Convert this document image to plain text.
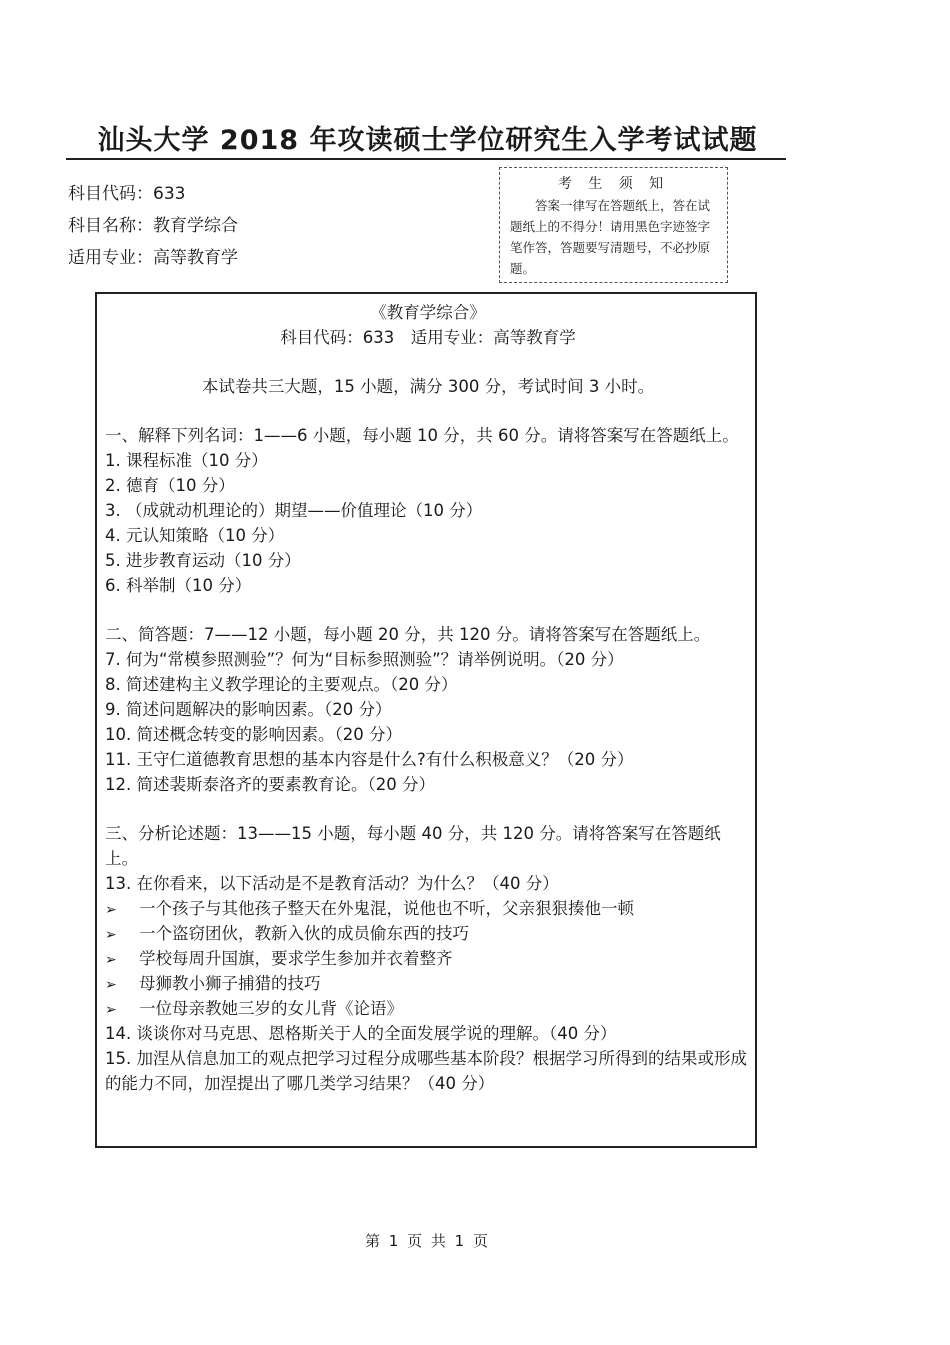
汕头大学 2018 年攻读硕士学位研究生入学考试试题
科目代码：633
科目名称：教育学综合
适用专业：高等教育学
考 生 须 知
答案一律写在答题纸上，答在试题纸上的不得分！请用黑色字迹签字笔作答，答题要写清题号，不必抄原题。
《教育学综合》
科目代码：633　适用专业：高等教育学
本试卷共三大题，15 小题，满分 300 分，考试时间 3 小时。
一、解释下列名词：1——6 小题，每小题 10 分，共 60 分。请将答案写在答题纸上。
1. 课程标准（10 分）
2. 德育（10 分）
3. （成就动机理论的）期望——价值理论（10 分）
4. 元认知策略（10 分）
5. 进步教育运动（10 分）
6. 科举制（10 分）
二、简答题：7——12 小题，每小题 20 分，共 120 分。请将答案写在答题纸上。
7. 何为“常模参照测验”？何为“目标参照测验”？请举例说明。（20 分）
8. 简述建构主义教学理论的主要观点。（20 分）
9. 简述问题解决的影响因素。（20 分）
10. 简述概念转变的影响因素。（20 分）
11. 王守仁道德教育思想的基本内容是什么?有什么积极意义？（20 分）
12. 简述裴斯泰洛齐的要素教育论。（20 分）
三、分析论述题：13——15 小题，每小题 40 分，共 120 分。请将答案写在答题纸上。
13. 在你看来，以下活动是不是教育活动？为什么？（40 分）
➢ 一个孩子与其他孩子整天在外鬼混，说他也不听，父亲狠狠揍他一顿
➢ 一个盗窃团伙，教新入伙的成员偷东西的技巧
➢ 学校每周升国旗，要求学生参加并衣着整齐
➢ 母狮教小狮子捕猎的技巧
➢ 一位母亲教她三岁的女儿背《论语》
14. 谈谈你对马克思、恩格斯关于人的全面发展学说的理解。（40 分）
15. 加涅从信息加工的观点把学习过程分成哪些基本阶段？根据学习所得到的结果或形成的能力不同，加涅提出了哪几类学习结果？（40 分）
第 1 页 共 1 页
